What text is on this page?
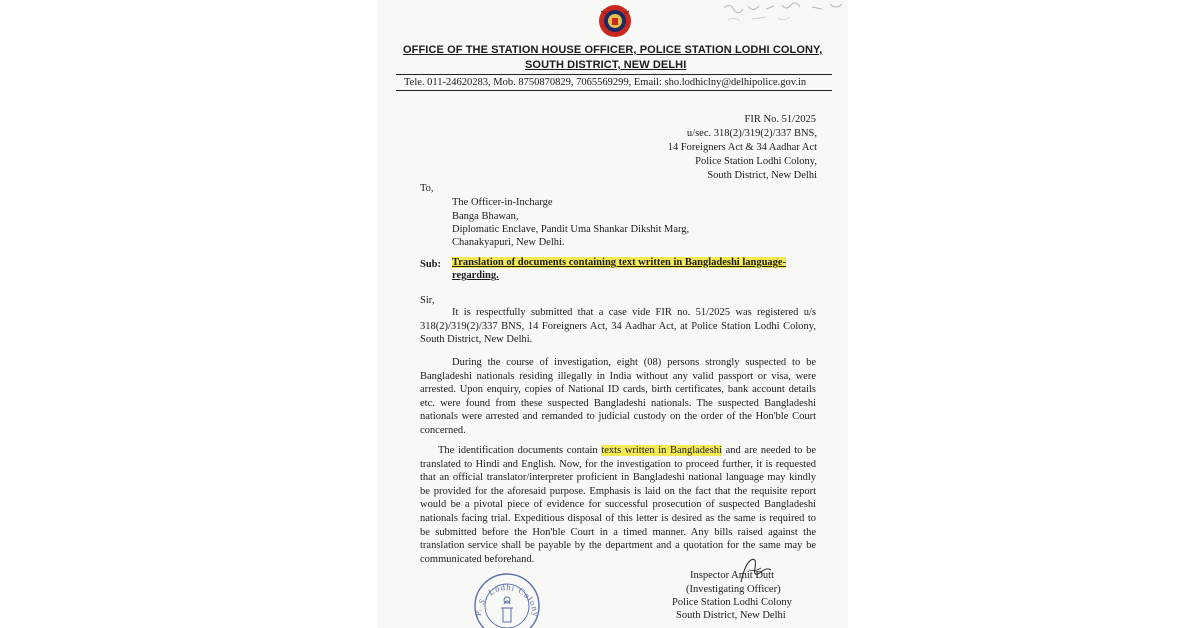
OFFICE OF THE STATION HOUSE OFFICER, POLICE STATION LODHI COLONY,
SOUTH DISTRICT, NEW DELHI
Tele. 011-24620283, Mob. 8750870829, 7065569299, Email: sho.lodhiclny@delhipolice.gov.in
FIR No. 51/2025
u/sec. 318(2)/319(2)/337 BNS,
14 Foreigners Act & 34 Aadhar Act
Police Station Lodhi Colony,
South District, New Delhi
To,
The Officer-in-Incharge
Banga Bhawan,
Diplomatic Enclave, Pandit Uma Shankar Dikshit Marg,
Chanakyapuri, New Delhi.
Sub: Translation of documents containing text written in Bangladeshi language-
regarding.
Sir,
It is respectfully submitted that a case vide FIR no. 51/2025 was registered u/s 318(2)/319(2)/337 BNS, 14 Foreigners Act, 34 Aadhar Act, at Police Station Lodhi Colony, South District, New Delhi.
During the course of investigation, eight (08) persons strongly suspected to be Bangladeshi nationals residing illegally in India without any valid passport or visa, were arrested. Upon enquiry, copies of National ID cards, birth certificates, bank account details etc. were found from these suspected Bangladeshi nationals. The suspected Bangladeshi nationals were arrested and remanded to judicial custody on the order of the Hon'ble Court concerned.
The identification documents contain texts written in Bangladeshi and are needed to be translated to Hindi and English. Now, for the investigation to proceed further, it is requested that an official translator/interpreter proficient in Bangladeshi national language may kindly be provided for the aforesaid purpose. Emphasis is laid on the fact that the requisite report would be a pivotal piece of evidence for successful prosecution of suspected Bangladeshi nationals facing trial. Expeditious disposal of this letter is desired as the same is required to be submitted before the Hon'ble Court in a timed manner. Any bills raised against the translation service shall be payable by the department and a quotation for the same may be communicated beforehand.
Inspector Amit Dutt
(Investigating Officer)
Police Station Lodhi Colony
South District, New Delhi
P. S. Lodhi Colony
